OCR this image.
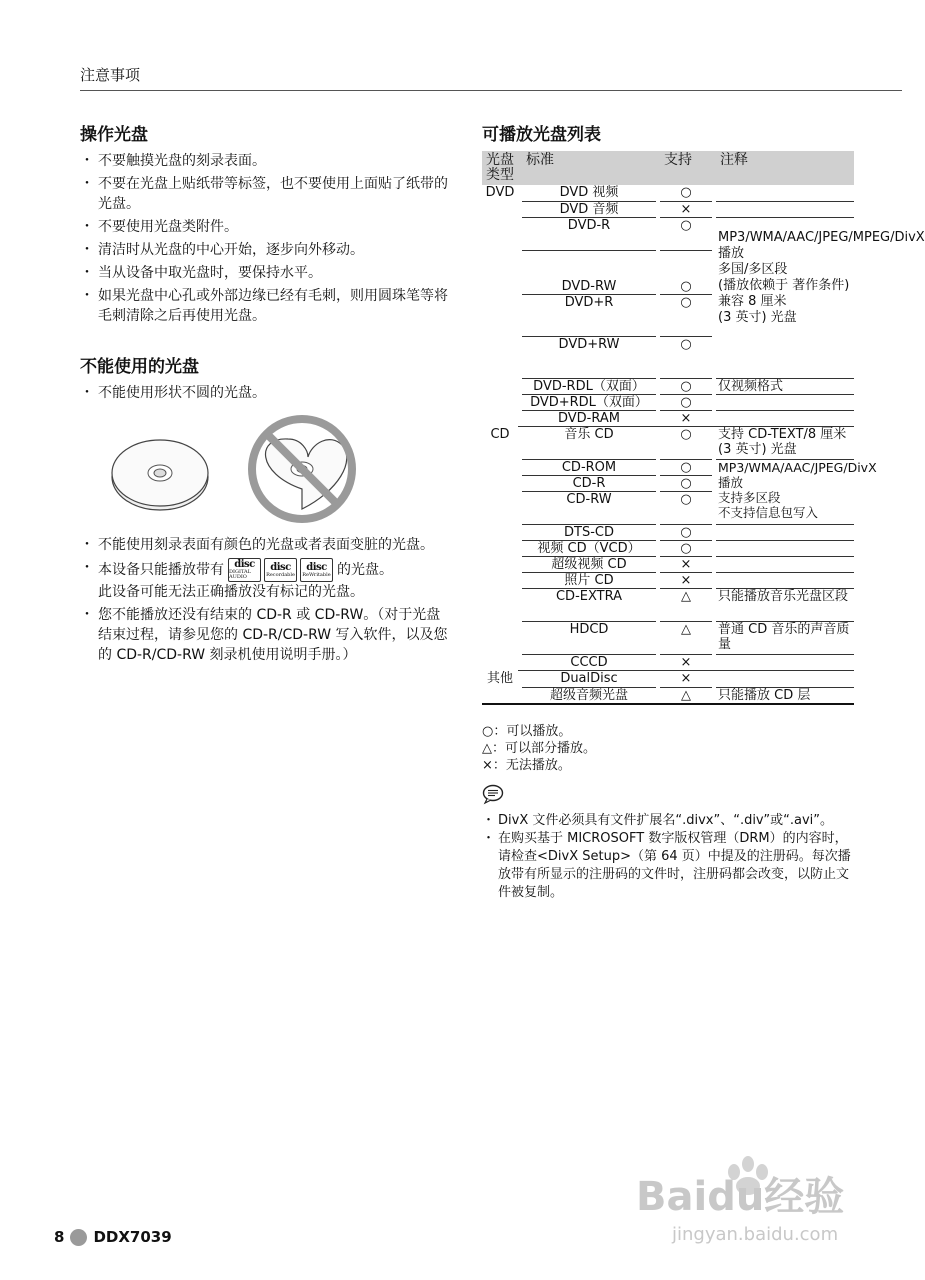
注意事项
操作光盘
・ 不要触摸光盘的刻录表面。
・ 不要在光盘上贴纸带等标签，也不要使用上面贴了纸带的光盘。
・ 不要使用光盘类附件。
・ 清洁时从光盘的中心开始，逐步向外移动。
・ 当从设备中取光盘时，要保持水平。
・ 如果光盘中心孔或外部边缘已经有毛刺，则用圆珠笔等将毛刺清除之后再使用光盘。
不能使用的光盘
・ 不能使用形状不圆的光盘。
・ 不能使用刻录表面有颜色的光盘或者表面变脏的光盘。
・ 本设备只能播放带有 disc
DIGITAL AUDIO
disc
Recordable
disc
ReWritable 的光盘。
此设备可能无法正确播放没有标记的光盘。
・ 您不能播放还没有结束的 CD-R 或 CD-RW。（对于光盘结束过程，请参见您的 CD-R/CD-RW 写入软件，以及您的 CD-R/CD-RW 刻录机使用说明手册。）
可播放光盘列表
光盘类型		标准		支持		注释
DVD		DVD 视频		○		
		DVD 音频		×		
		DVD-R		○		MP3/WMA/AAC/JPEG/MPEG/DivX 播放
多国/多区段
(播放依赖于 著作条件)
兼容 8 厘米
(3 英寸) 光盘
		DVD-RW		○		
		DVD+R		○		
		DVD+RW		○		
		DVD-RDL（双面）		○		仅视频格式
		DVD+RDL（双面）		○		
		DVD-RAM		×		

CD		音乐 CD		○		支持 CD-TEXT/8 厘米 (3 英寸) 光盘
		CD-ROM		○		MP3/WMA/AAC/JPEG/DivX 播放
支持多区段
不支持信息包写入
		CD-R		○		
		CD-RW		○		
		DTS-CD		○		
		视频 CD（VCD）		○		
		超级视频 CD		×		
		照片 CD		×		
		CD-EXTRA		△		只能播放音乐光盘区段
		HDCD		△		普通 CD 音乐的声音质量
		CCCD		×		

其他		DualDisc		×		
		超级音频光盘		△		只能播放 CD 层
○：可以播放。
△：可以部分播放。
×：无法播放。
・ DivX 文件必须具有文件扩展名“.divx”、“.div”或“.avi”。
・ 在购买基于 MICROSOFT 数字版权管理（DRM）的内容时，请检查<DivX Setup>（第 64 页）中提及的注册码。每次播放带有所显示的注册码的文件时，注册码都会改变，以防止文件被复制。
8 DDX7039
Baidu经验
jingyan.baidu.com
